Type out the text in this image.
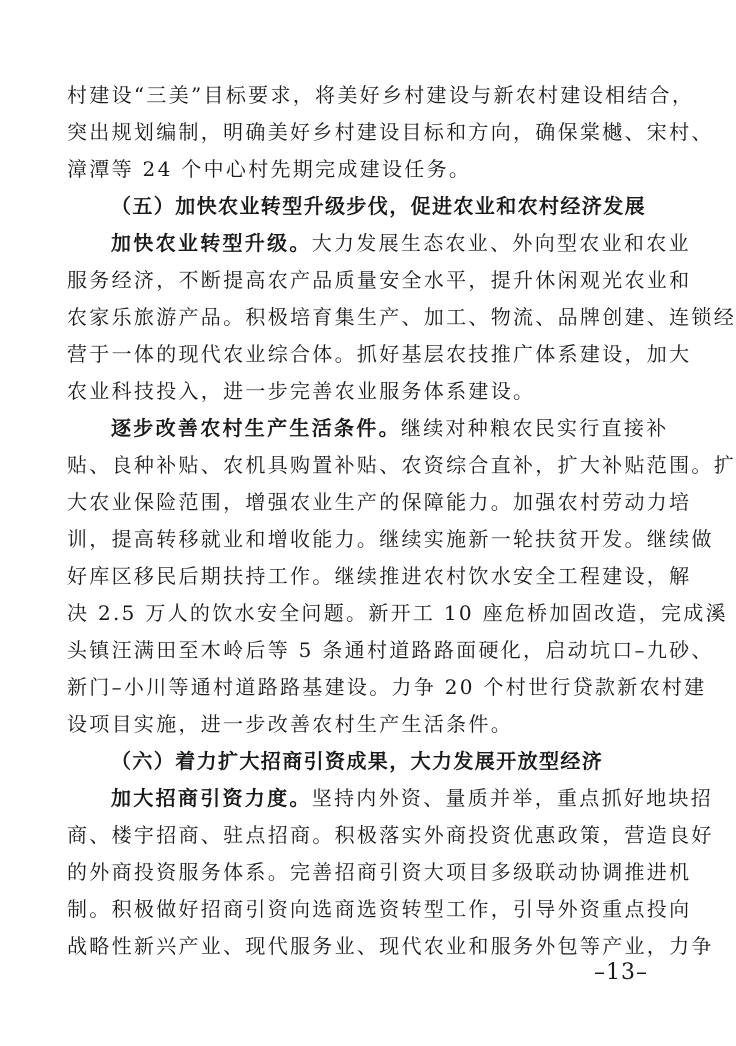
村建设“三美”目标要求，将美好乡村建设与新农村建设相结合，
突出规划编制，明确美好乡村建设目标和方向，确保棠樾、宋村、
漳潭等 24 个中心村先期完成建设任务。
（五）加快农业转型升级步伐，促进农业和农村经济发展
加快农业转型升级。大力发展生态农业、外向型农业和农业
服务经济，不断提高农产品质量安全水平，提升休闲观光农业和
农家乐旅游产品。积极培育集生产、加工、物流、品牌创建、连锁经
营于一体的现代农业综合体。抓好基层农技推广体系建设，加大
农业科技投入，进一步完善农业服务体系建设。
逐步改善农村生产生活条件。继续对种粮农民实行直接补
贴、良种补贴、农机具购置补贴、农资综合直补，扩大补贴范围。扩
大农业保险范围，增强农业生产的保障能力。加强农村劳动力培
训，提高转移就业和增收能力。继续实施新一轮扶贫开发。继续做
好库区移民后期扶持工作。继续推进农村饮水安全工程建设，解
决 2.5 万人的饮水安全问题。新开工 10 座危桥加固改造，完成溪
头镇汪满田至木岭后等 5 条通村道路路面硬化，启动坑口–九砂、
新门–小川等通村道路路基建设。力争 20 个村世行贷款新农村建
设项目实施，进一步改善农村生产生活条件。
（六）着力扩大招商引资成果，大力发展开放型经济
加大招商引资力度。坚持内外资、量质并举，重点抓好地块招
商、楼宇招商、驻点招商。积极落实外商投资优惠政策，营造良好
的外商投资服务体系。完善招商引资大项目多级联动协调推进机
制。积极做好招商引资向选商选资转型工作，引导外资重点投向
战略性新兴产业、现代服务业、现代农业和服务外包等产业，力争
–13–
